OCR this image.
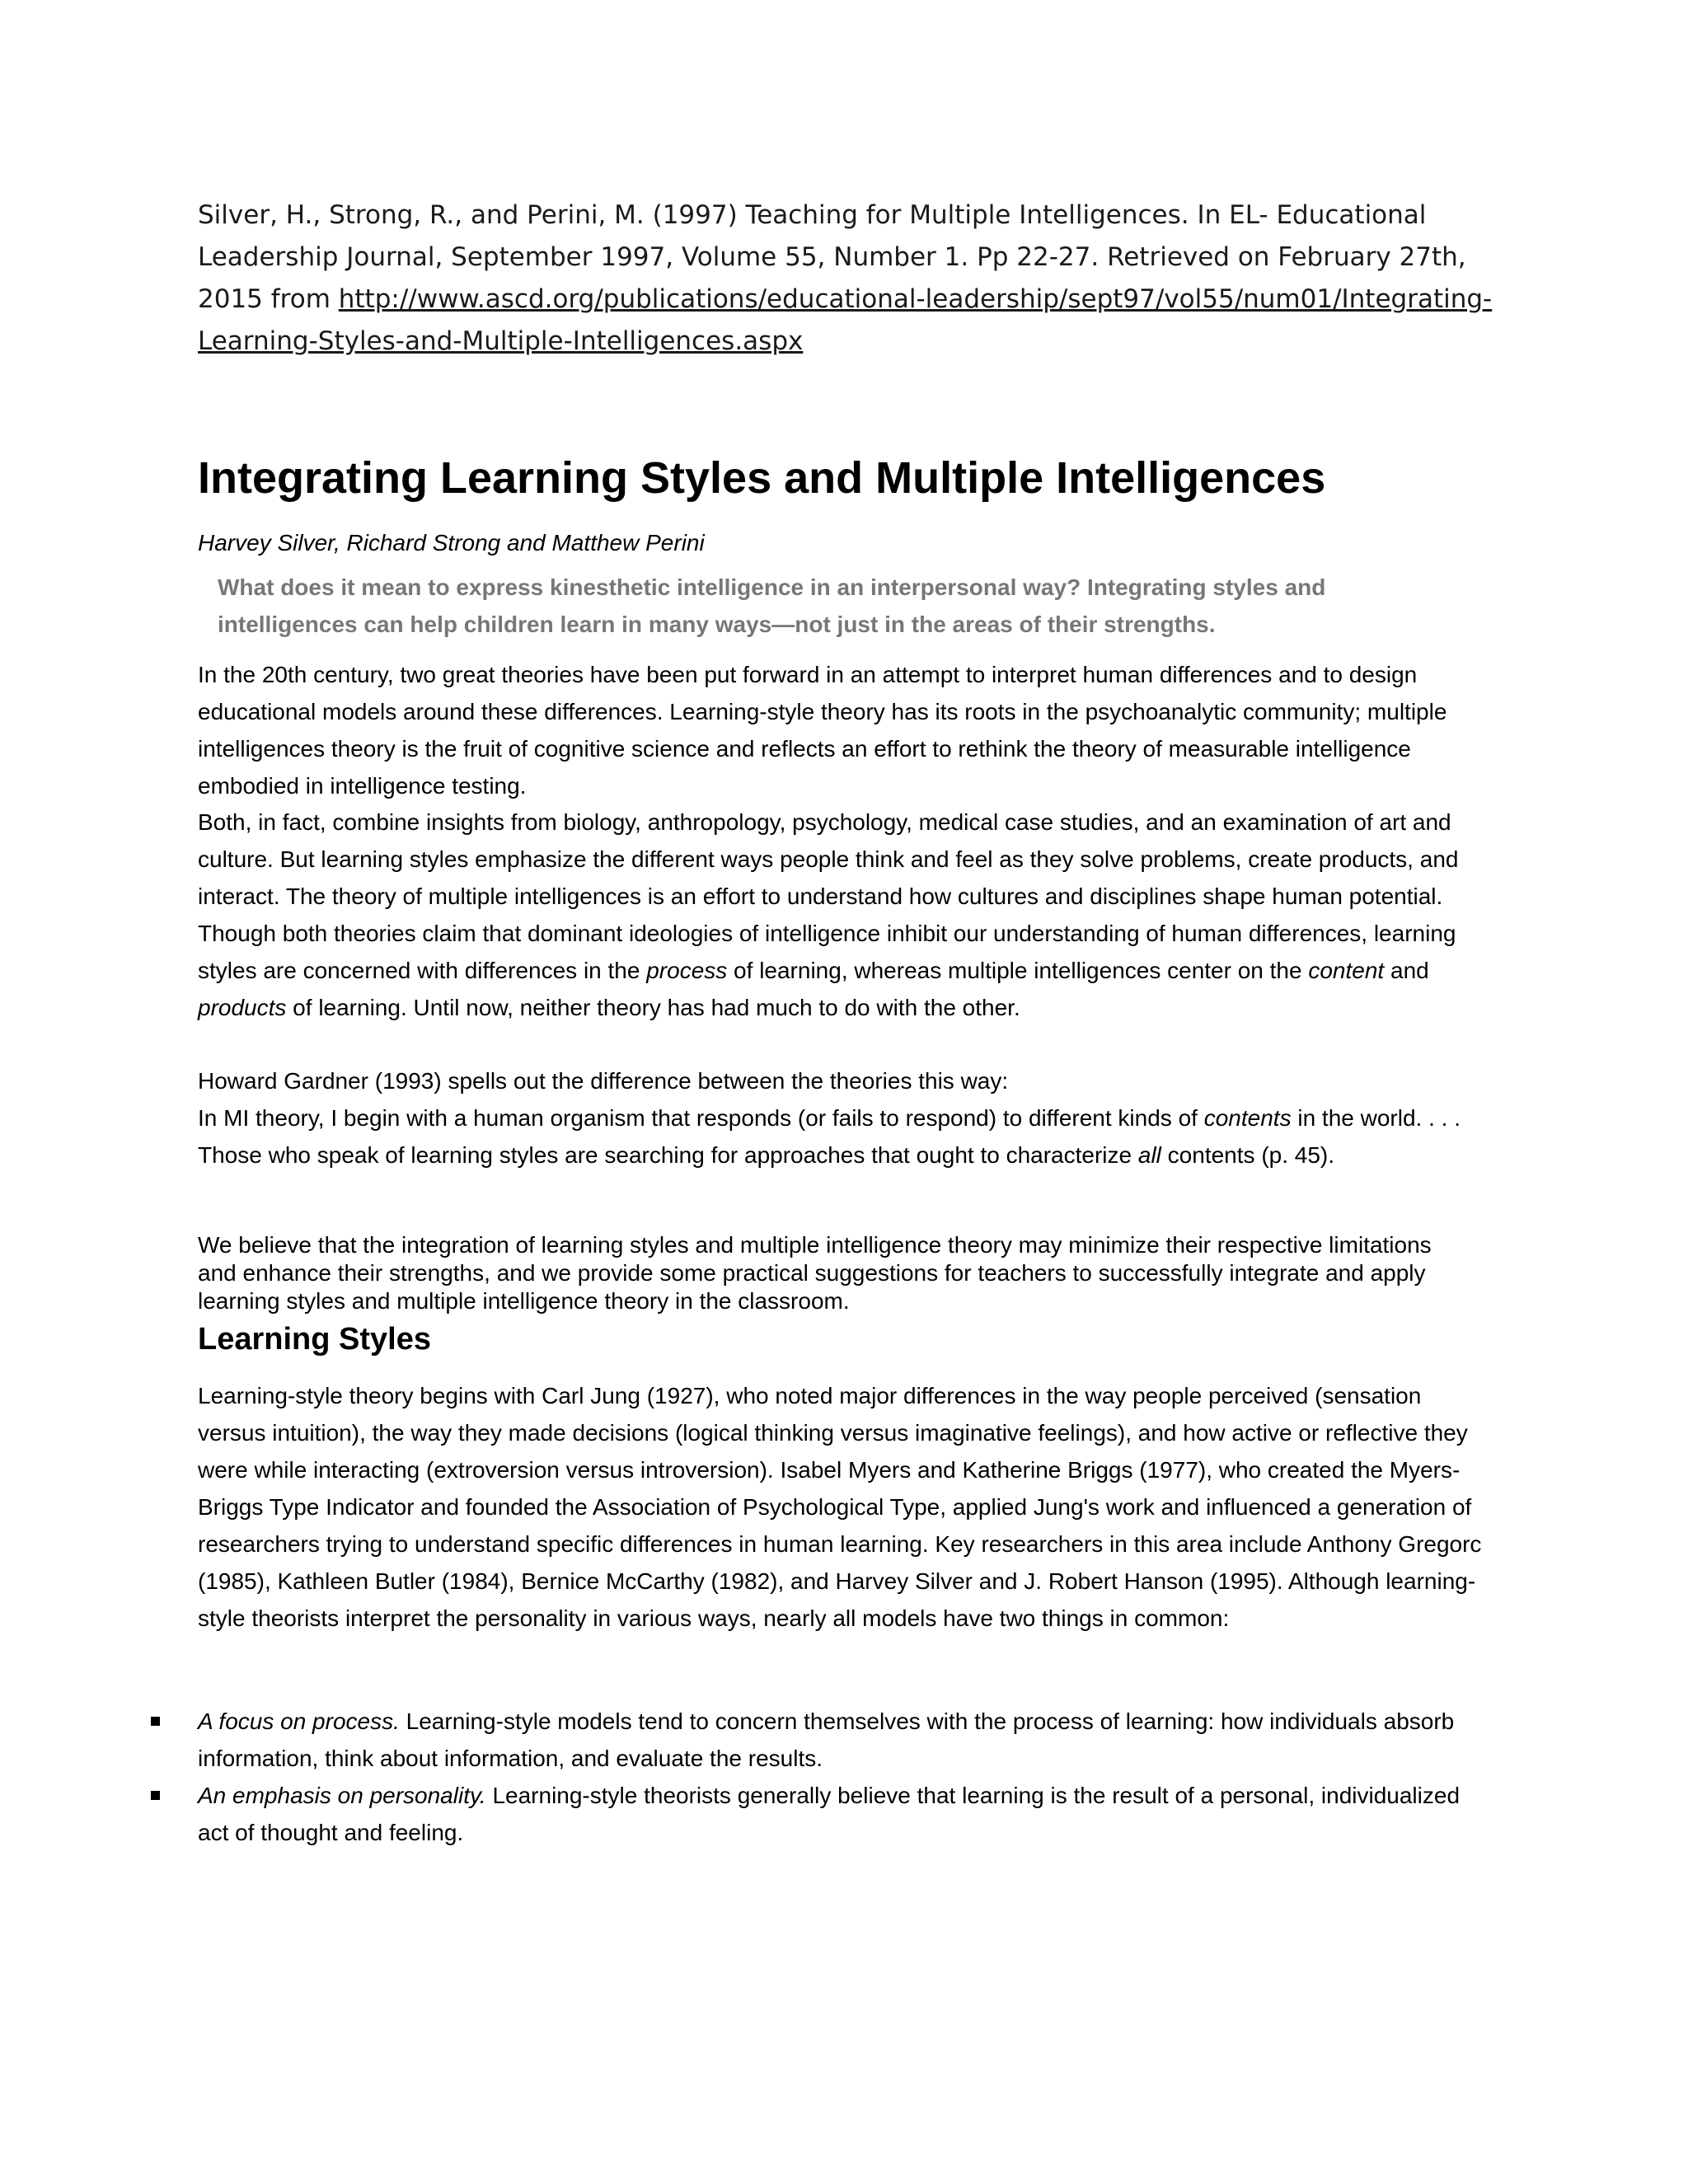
Silver, H., Strong, R., and Perini, M. (1997) Teaching for Multiple Intelligences. In EL- Educational Leadership Journal, September 1997, Volume 55, Number 1. Pp 22-27. Retrieved on February 27th, 2015 from http://www.ascd.org/publications/educational-leadership/sept97/vol55/num01/Integrating-Learning-Styles-and-Multiple-Intelligences.aspx
Integrating Learning Styles and Multiple Intelligences
Harvey Silver, Richard Strong and Matthew Perini
What does it mean to express kinesthetic intelligence in an interpersonal way? Integrating styles and intelligences can help children learn in many ways—not just in the areas of their strengths.
In the 20th century, two great theories have been put forward in an attempt to interpret human differences and to design educational models around these differences. Learning-style theory has its roots in the psychoanalytic community; multiple intelligences theory is the fruit of cognitive science and reflects an effort to rethink the theory of measurable intelligence embodied in intelligence testing.
Both, in fact, combine insights from biology, anthropology, psychology, medical case studies, and an examination of art and culture. But learning styles emphasize the different ways people think and feel as they solve problems, create products, and interact. The theory of multiple intelligences is an effort to understand how cultures and disciplines shape human potential. Though both theories claim that dominant ideologies of intelligence inhibit our understanding of human differences, learning styles are concerned with differences in the process of learning, whereas multiple intelligences center on the content and products of learning. Until now, neither theory has had much to do with the other.
Howard Gardner (1993) spells out the difference between the theories this way:
In MI theory, I begin with a human organism that responds (or fails to respond) to different kinds of contents in the world. . . . Those who speak of learning styles are searching for approaches that ought to characterize all contents (p. 45).
We believe that the integration of learning styles and multiple intelligence theory may minimize their respective limitations and enhance their strengths, and we provide some practical suggestions for teachers to successfully integrate and apply learning styles and multiple intelligence theory in the classroom.
Learning Styles
Learning-style theory begins with Carl Jung (1927), who noted major differences in the way people perceived (sensation versus intuition), the way they made decisions (logical thinking versus imaginative feelings), and how active or reflective they were while interacting (extroversion versus introversion). Isabel Myers and Katherine Briggs (1977), who created the Myers-Briggs Type Indicator and founded the Association of Psychological Type, applied Jung's work and influenced a generation of researchers trying to understand specific differences in human learning. Key researchers in this area include Anthony Gregorc (1985), Kathleen Butler (1984), Bernice McCarthy (1982), and Harvey Silver and J. Robert Hanson (1995). Although learning-style theorists interpret the personality in various ways, nearly all models have two things in common:
A focus on process. Learning-style models tend to concern themselves with the process of learning: how individuals absorb information, think about information, and evaluate the results.
An emphasis on personality. Learning-style theorists generally believe that learning is the result of a personal, individualized act of thought and feeling.
